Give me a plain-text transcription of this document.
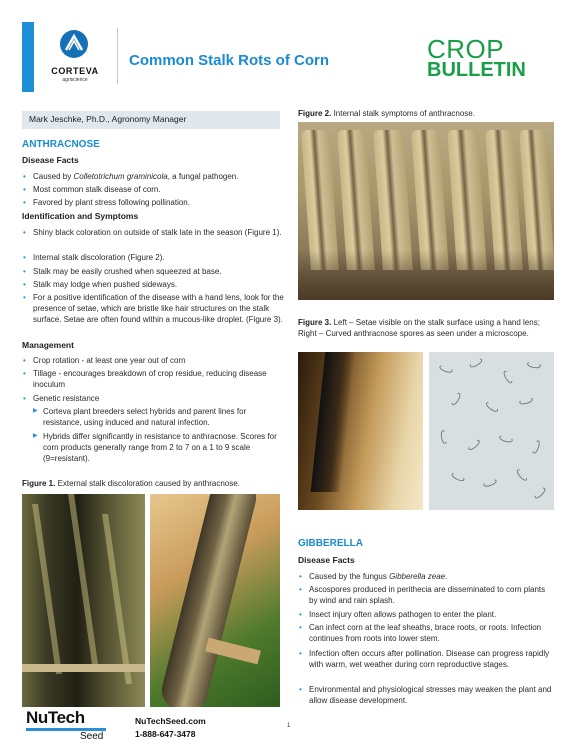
CORTEVA
agriscience
Common Stalk Rots of Corn	CROP
BULLETIN
Mark Jeschke, Ph.D., Agronomy Manager
ANTHRACNOSE
Disease Facts
• Caused by Colletotrichum graminicola, a fungal pathogen.
• Most common stalk disease of corn.
• Favored by plant stress following pollination.
Identification and Symptoms
• Shiny black coloration on outside of stalk late in the season (Figure 1).
• Internal stalk discoloration (Figure 2).
• Stalk may be easily crushed when squeezed at base.
• Stalk may lodge when pushed sideways.
• For a positive identification of the disease with a hand lens, look for the presence of setae, which are bristle like hair structures on the stalk surface. Setae are often found within a mucous-like droplet. (Figure 3).
Management
• Crop rotation - at least one year out of corn
• Tillage - encourages breakdown of crop residue, reducing disease inoculum
• Genetic resistance
▶ Corteva plant breeders select hybrids and parent lines for resistance, using induced and natural infection.
▶ Hybrids differ significantly in resistance to anthracnose. Scores for corn products generally range from 2 to 7 on a 1 to 9 scale (9=resistant).
Figure 1. External stalk discoloration caused by anthracnose.
Figure 2. Internal stalk symptoms of anthracnose.
Figure 3. Left – Setae visible on the stalk surface using a hand lens; Right – Curved anthracnose spores as seen under a microscope.
GIBBERELLA
Disease Facts
• Caused by the fungus Gibberella zeae.
• Ascospores produced in perithecia are disseminated to corn plants by wind and rain splash.
• Insect injury often allows pathogen to enter the plant.
• Can infect corn at the leaf sheaths, brace roots, or roots. Infection continues from roots into lower stem.
• Infection often occurs after pollination. Disease can progress rapidly with warm, wet weather during corn reproductive stages.
• Environmental and physiological stresses may weaken the plant and allow disease development.
NuTech
Seed
NuTechSeed.com
1-888-647-3478
1
